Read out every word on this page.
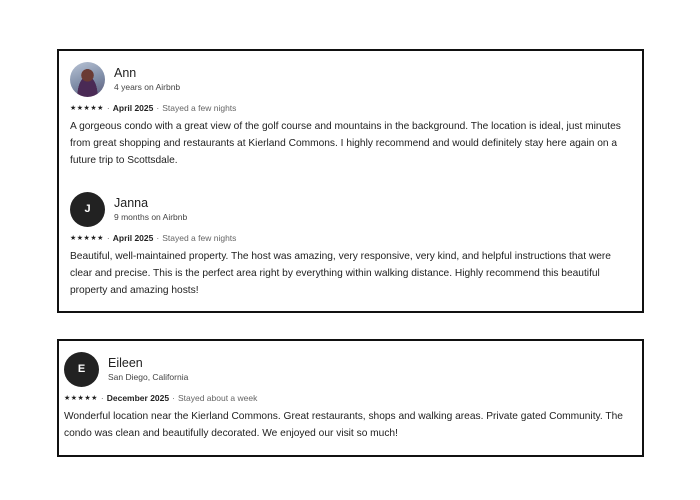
Ann
4 years on Airbnb
★★★★★ · April 2025 · Stayed a few nights
A gorgeous condo with a great view of the golf course and mountains in the background. The location is ideal, just minutes from great shopping and restaurants at Kierland Commons. I highly recommend and would definitely stay here again on a future trip to Scottsdale.
J	Janna
9 months on Airbnb
★★★★★ · April 2025 · Stayed a few nights
Beautiful, well-maintained property. The host was amazing, very responsive, very kind, and helpful instructions that were clear and precise. This is the perfect area right by everything within walking distance. Highly recommend this beautiful property and amazing hosts!
E	Eileen
San Diego, California
★★★★★ · December 2025 · Stayed about a week
Wonderful location near the Kierland Commons. Great restaurants, shops and walking areas. Private gated Community. The condo was clean and beautifully decorated. We enjoyed our visit so much!
